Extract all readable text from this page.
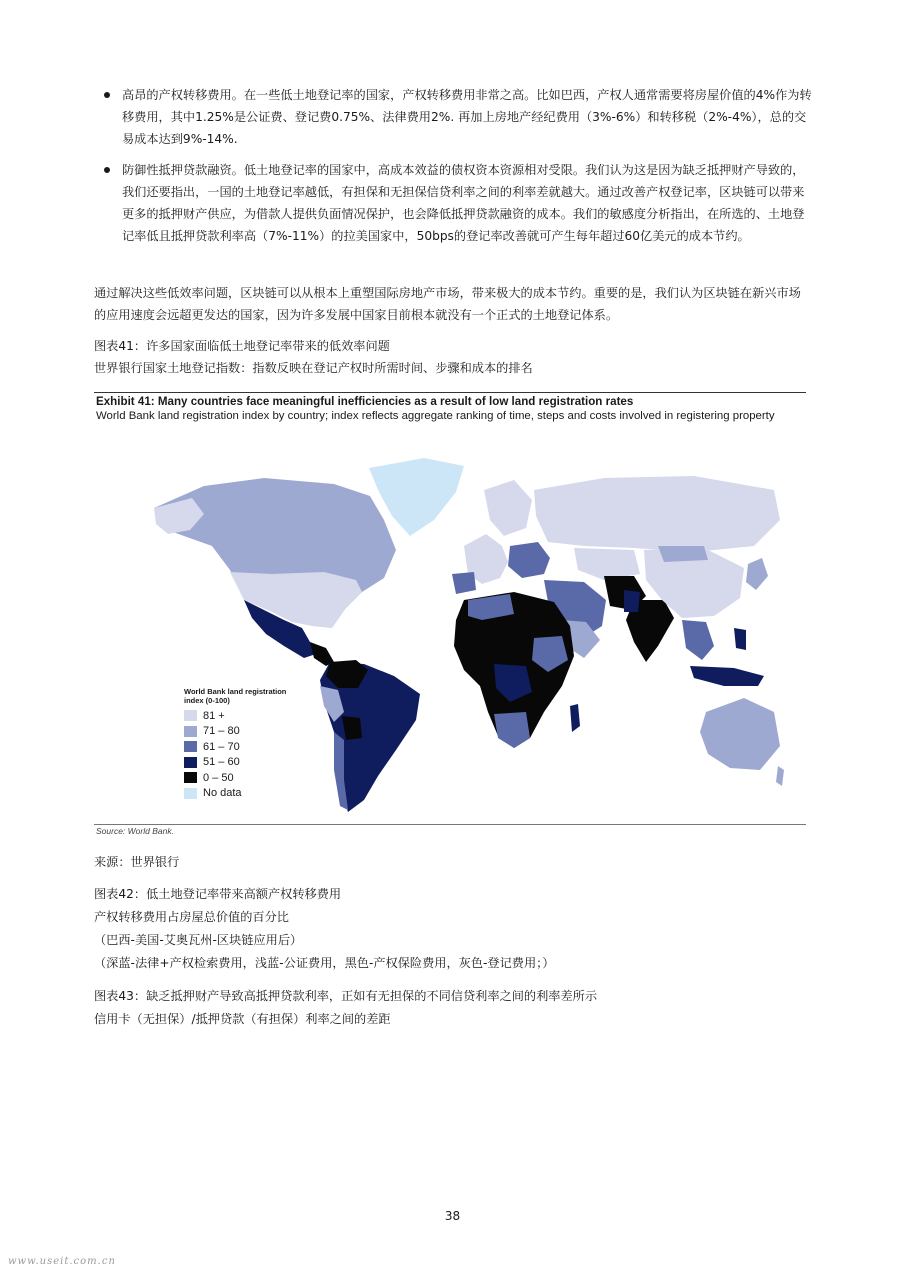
高昂的产权转移费用。在一些低土地登记率的国家，产权转移费用非常之高。比如巴西，产权人通常需要将房屋价值的4%作为转移费用，其中1.25%是公证费、登记费0.75%、法律费用2%. 再加上房地产经纪费用（3%-6%）和转移税（2%-4%），总的交易成本达到9%-14%.
防御性抵押贷款融资。低土地登记率的国家中，高成本效益的债权资本资源相对受限。我们认为这是因为缺乏抵押财产导致的，我们还要指出，一国的土地登记率越低，有担保和无担保信贷利率之间的利率差就越大。通过改善产权登记率，区块链可以带来更多的抵押财产供应，为借款人提供负面情况保护，也会降低抵押贷款融资的成本。我们的敏感度分析指出，在所选的、土地登记率低且抵押贷款利率高（7%-11%）的拉美国家中，50bps的登记率改善就可产生每年超过60亿美元的成本节约。

通过解决这些低效率问题，区块链可以从根本上重塑国际房地产市场，带来极大的成本节约。重要的是，我们认为区块链在新兴市场的应用速度会远超更发达的国家，因为许多发展中国家目前根本就没有一个正式的土地登记体系。

图表41：许多国家面临低土地登记率带来的低效率问题

世界银行国家土地登记指数：指数反映在登记产权时所需时间、步骤和成本的排名

Exhibit 41: Many countries face meaningful inefficiencies as a result of low land registration rates
World Bank land registration index by country; index reflects aggregate ranking of time, steps and costs involved in registering property
World Bank land registration index (0-100)
81 +
71 – 80
61 – 70
51 – 60
0 – 50
No data
Source: World Bank.

来源：世界银行

图表42：低土地登记率带来高额产权转移费用

产权转移费用占房屋总价值的百分比

（巴西-美国-艾奥瓦州-区块链应用后）

（深蓝-法律+产权检索费用，浅蓝-公证费用，黑色-产权保险费用，灰色-登记费用；）

图表43：缺乏抵押财产导致高抵押贷款利率，正如有无担保的不同信贷利率之间的利率差所示

信用卡（无担保）/抵押贷款（有担保）利率之间的差距

38
www.useit.com.cn
